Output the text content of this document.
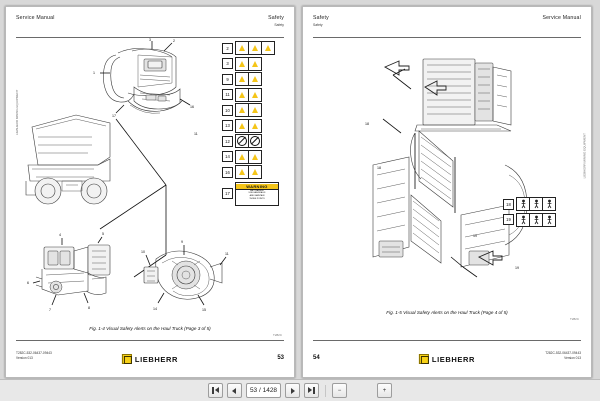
Service Manual	Safety
Safety
LIEBHERR MINING EQUIPMENT
3	2
1
17
16
11
4	5
6
7	8
9
10	11
15
14
2
3
9
11
10
13
12
14
16
17
WARNING
FALL HAZARD
USE HANDRAILS
AND MAINTAIN
THREE POINTS
Fig. 1-4 Visual Safety Alerts on the Haul Truck (Page 3 of 5)
T282C
T282C-532-06437-09443
Version 013	LIEBHERR	53
Safety	Service Manual
Safety
LIEBHERR MINING EQUIPMENT
18
19
19
18
18
19
Fig. 1-5 Visual Safety Alerts on the Haul Truck (Page 4 of 5)
T282C
54	LIEBHERR
T282C-532-06437-09443
Version 013
53 / 1428	−	+
